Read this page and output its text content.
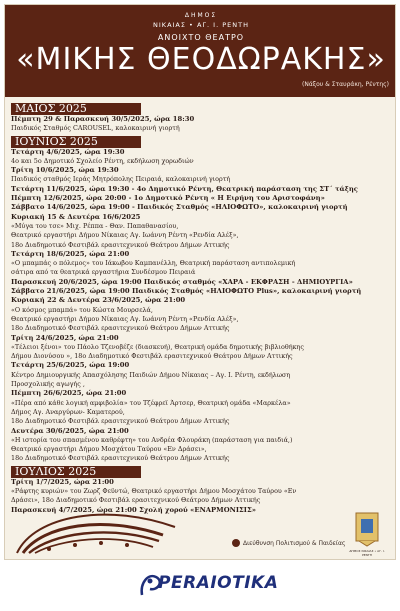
ΔΗΜΟΣ
ΝΙΚΑΙΑΣ • ΑΓ. Ι. ΡΕΝΤΗ
ΑΝΟΙΧΤΟ ΘΕΑΤΡΟ
«ΜΙΚΗΣ ΘΕΟΔΩΡΑΚΗΣ»
(Νάξου & Σταυράκη, Ρέντης)
ΜΑΙΟΣ 2025
Πέμπτη 29 & Παρασκευή 30/5/2025, ώρα 18:30
Παιδικός Σταθμός CAROUSEL, καλοκαιρινή γιορτή
ΙΟΥΝΙΟΣ 2025
Τετάρτη 4/6/2025, ώρα 19:30
4ο και 5ο Δημοτικό Σχολείο Ρέντη, εκδήλωση χορωδιών
Τρίτη 10/6/2025, ώρα 19:30
Παιδικός σταθμός Ιεράς Μητρόπολης Πειραιά, καλοκαιρινή γιορτή
Τετάρτη 11/6/2025, ώρα 19:30 - 4ο Δημοτικό Ρέντη, Θεατρική παράσταση της ΣΤ΄ τάξης
Πέμπτη 12/6/2025, ώρα 20:00 - 1ο Δημοτικό Ρέντη « Η Ειρήνη του Αριστοφάνη»
Σάββατο 14/6/2025, ώρα 19:00 - Παιδικός Σταθμός «ΗΛΙΟΦΩΤΟ», καλοκαιρινή γιορτή
Κυριακή 15 & Δευτέρα 16/6/2025
«Μύγα του τσε» Μιχ. Ρέππα - Θαν. Παπαθανασίου,
Θεατρικό εργαστήρι Δήμου Νίκαιας Αγ. Ιωάννη Ρέντη «Ρενδία Αλέξ»,
18ο Διαδημοτικό Φεστιβάλ ερασιτεχνικού Θεάτρου Δήμων Αττικής
Τετάρτη 18/6/2025, ώρα 21:00
«Ο μπαμπάς ο πόλεμος» του Ιάκωβου Καμπανέλλη, Θεατρική παράσταση αντιπολεμική
σάτιρα από τα θεατρικά εργαστήρια Συνδέσμου Πειραιά
Παρασκευή 20/6/2025, ώρα 19:00 Παιδικός σταθμός «ΧΑΡΑ - ΕΚΦΡΑΣΗ - ΔΗΜΙΟΥΡΓΙΑ»
Σάββατο 21/6/2025, ώρα 19:00 Παιδικός Σταθμός «ΗΛΙΟΦΩΤΟ Plus», καλοκαιρινή γιορτή
Κυριακή 22 & Δευτέρα 23/6/2025, ώρα 21:00
«Ο κόσμος μπαμπά» του Κώστα Μουρσελά,
Θεατρικό εργαστήρι Δήμου Νίκαιας Αγ. Ιωάννη Ρέντη «Ρενδία Αλέξ»,
18ο Διαδημοτικό Φεστιβάλ ερασιτεχνικού Θεάτρου Δήμων Αττικής
Τρίτη 24/6/2025, ώρα 21:00
«Τέλειοι ξένοι» του Πάολο Τζενοβέζε (διασκευή), Θεατρική ομάδα δημοτικής βιβλιοθήκης
Δήμου Διονύσου », 18ο Διαδημοτικό Φεστιβάλ ερασιτεχνικού Θεάτρου Δήμων Αττικής
Τετάρτη 25/6/2025, ώρα 19:00
Κέντρο Δημιουργικής Απασχόλησης Παιδιών Δήμου Νίκαιας – Αγ. Ι. Ρέντη, εκδήλωση
Προσχολικής αγωγής ,
Πέμπτη 26/6/2025, ώρα 21:00
«Πέρα από κάθε λογική αμφιβολία» του Τζέφρεϊ Άρτσερ, Θεατρική ομάδα «Μαρκέλα»
Δήμος Αγ. Αναργύρων- Καματερού,
18ο Διαδημοτικό Φεστιβάλ ερασιτεχνικού Θεάτρου Δήμων Αττικής
Δευτέρα 30/6/2025, ώρα 21:00
«Η ιστορία του σπασμένου καθρέφτη» του Ανδρέα Φλουράκη (παράσταση για παιδιά,)
Θεατρικό εργαστήρι Δήμου Μοσχάτου Ταύρου «Εν Δράσει»,
18ο Διαδημοτικό Φεστιβάλ ερασιτεχνικού Θεάτρου Δήμων Αττικής
ΙΟΥΛΙΟΣ 2025
Τρίτη 1/7/2025, ώρα 21:00
«Ράφτης κυριών» του Ζωρζ Φεϋντώ, Θεατρικό εργαστήρι Δήμου Μοσχάτου Ταύρου «Εν
Δράσει», 18ο Διαδημοτικό Φεστιβάλ ερασιτεχνικού Θεάτρου Δήμων Αττικής
Παρασκευή 4/7/2025, ώρα 21:00 Σχολή χορού «ΕΝΑΡΜΟΝΙΣΙΣ»
Διεύθυνση Πολιτισμού & Παιδείας
ΔΗΜΟΣ ΝΙΚΑΙΑΣ • ΑΓ. Ι. ΡΕΝΤΗ
PERAIOTIKA
